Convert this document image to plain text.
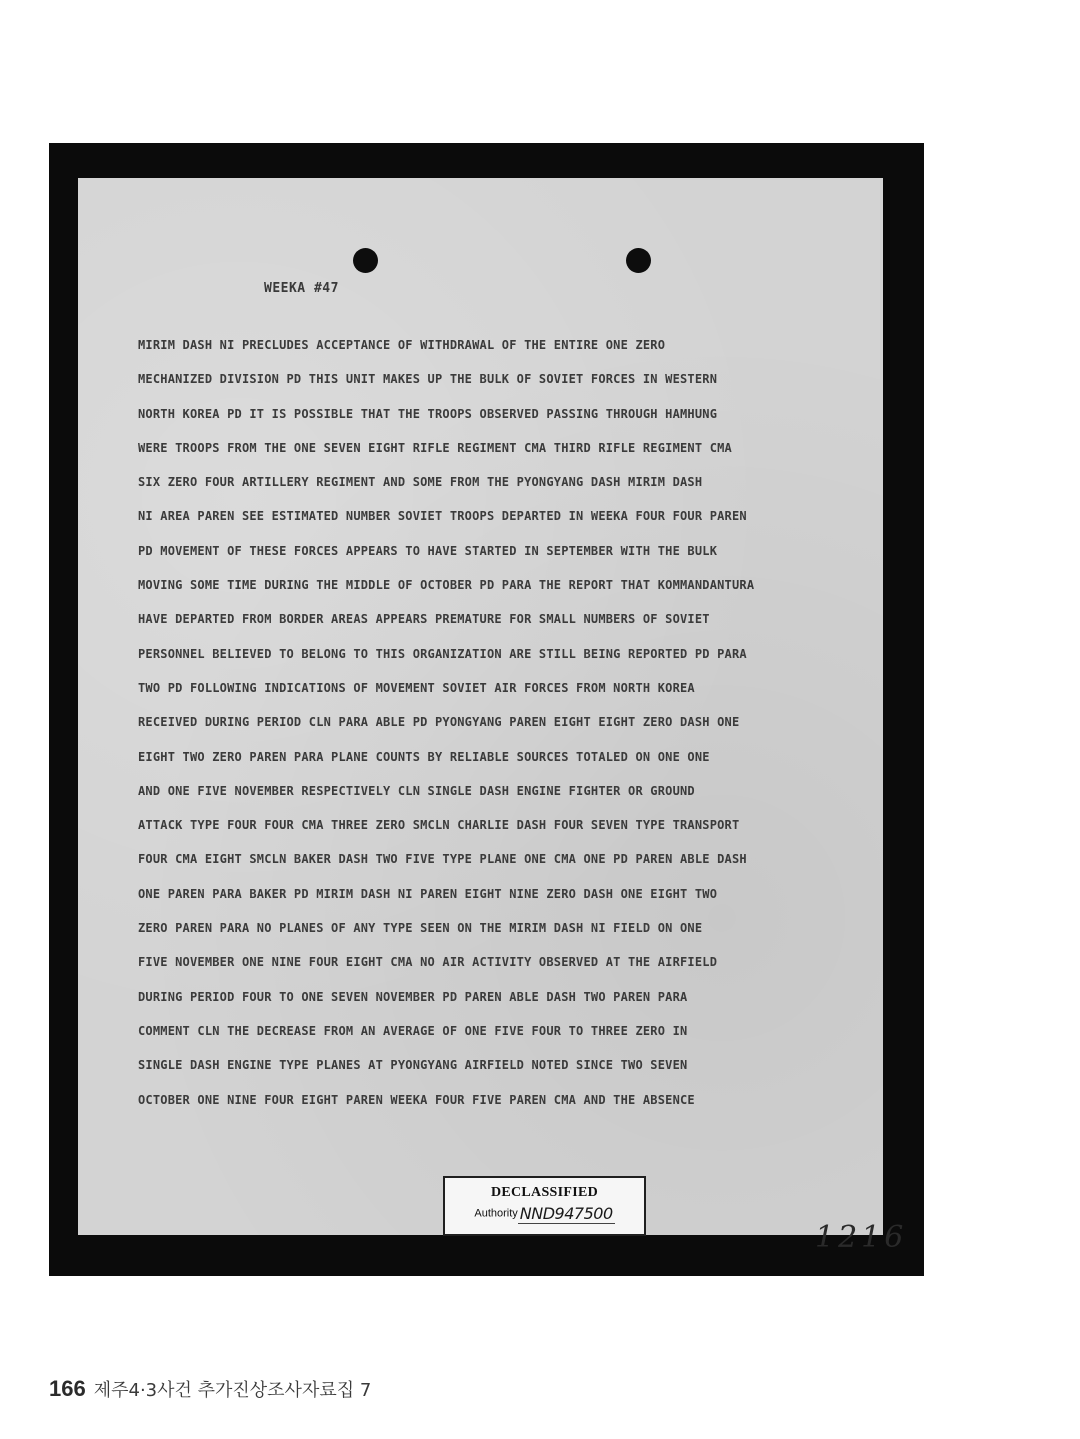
WEEKA #47
MIRIM DASH NI PRECLUDES ACCEPTANCE OF WITHDRAWAL OF THE ENTIRE ONE ZERO
MECHANIZED DIVISION PD THIS UNIT MAKES UP THE BULK OF SOVIET FORCES IN WESTERN
NORTH KOREA PD IT IS POSSIBLE THAT THE TROOPS OBSERVED PASSING THROUGH HAMHUNG
WERE TROOPS FROM THE ONE SEVEN EIGHT RIFLE REGIMENT CMA THIRD RIFLE REGIMENT CMA
SIX ZERO FOUR ARTILLERY REGIMENT AND SOME FROM THE PYONGYANG DASH MIRIM DASH
NI AREA PAREN SEE ESTIMATED NUMBER SOVIET TROOPS DEPARTED IN WEEKA FOUR FOUR PAREN
PD MOVEMENT OF THESE FORCES APPEARS TO HAVE STARTED IN SEPTEMBER WITH THE BULK
MOVING SOME TIME DURING THE MIDDLE OF OCTOBER PD PARA THE REPORT THAT KOMMANDANTURA
HAVE DEPARTED FROM BORDER AREAS APPEARS PREMATURE FOR SMALL NUMBERS OF SOVIET
PERSONNEL BELIEVED TO BELONG TO THIS ORGANIZATION ARE STILL BEING REPORTED PD PARA
TWO PD FOLLOWING INDICATIONS OF MOVEMENT SOVIET AIR FORCES FROM NORTH KOREA
RECEIVED DURING PERIOD CLN PARA ABLE PD PYONGYANG PAREN EIGHT EIGHT ZERO DASH ONE
EIGHT TWO ZERO PAREN PARA PLANE COUNTS BY RELIABLE SOURCES TOTALED ON ONE ONE
AND ONE FIVE NOVEMBER RESPECTIVELY CLN SINGLE DASH ENGINE FIGHTER OR GROUND
ATTACK TYPE FOUR FOUR CMA THREE ZERO SMCLN CHARLIE DASH FOUR SEVEN TYPE TRANSPORT
FOUR CMA EIGHT SMCLN BAKER DASH TWO FIVE TYPE PLANE ONE CMA ONE PD PAREN ABLE DASH
ONE PAREN PARA BAKER PD MIRIM DASH NI PAREN EIGHT NINE ZERO DASH ONE EIGHT TWO
ZERO PAREN PARA NO PLANES OF ANY TYPE SEEN ON THE MIRIM DASH NI FIELD ON ONE
FIVE NOVEMBER ONE NINE FOUR EIGHT CMA NO AIR ACTIVITY OBSERVED AT THE AIRFIELD
DURING PERIOD FOUR TO ONE SEVEN NOVEMBER PD PAREN ABLE DASH TWO PAREN PARA
COMMENT CLN THE DECREASE FROM AN AVERAGE OF ONE FIVE FOUR TO THREE ZERO IN
SINGLE DASH ENGINE TYPE PLANES AT PYONGYANG AIRFIELD NOTED SINCE TWO SEVEN
OCTOBER ONE NINE FOUR EIGHT PAREN WEEKA FOUR FIVE PAREN CMA AND THE ABSENCE
DECLASSIFIED
Authority NND947500
1216
166 제주4·3사건 추가진상조사자료집 7
